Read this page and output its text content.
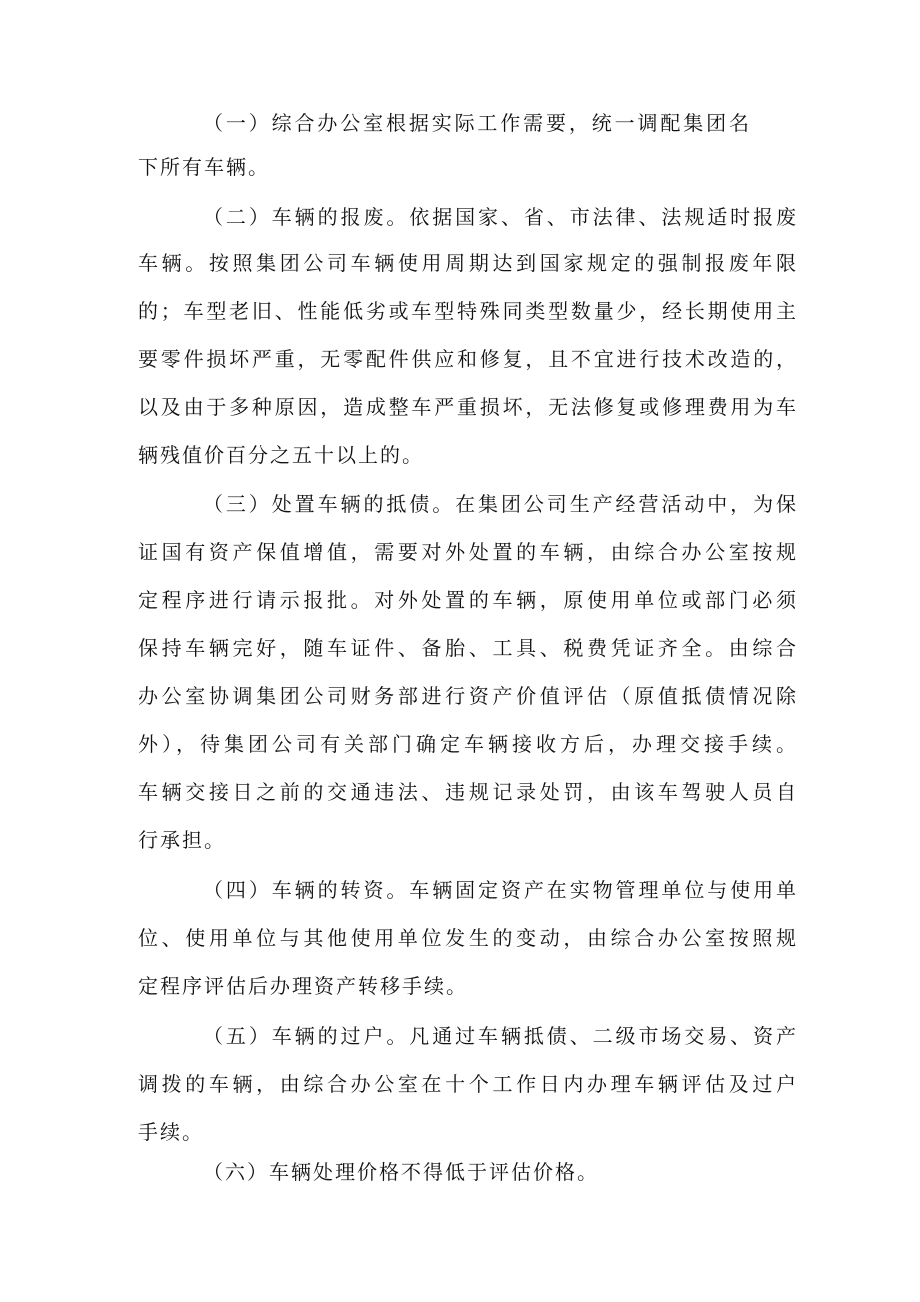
（一）综合办公室根据实际工作需要，统一调配集团名
下所有车辆。
（二）车辆的报废。依据国家、省、市法律、法规适时报废
车辆。按照集团公司车辆使用周期达到国家规定的强制报废年限
的；车型老旧、性能低劣或车型特殊同类型数量少，经长期使用主
要零件损坏严重，无零配件供应和修复，且不宜进行技术改造的，
以及由于多种原因，造成整车严重损坏，无法修复或修理费用为车
辆残值价百分之五十以上的。
（三）处置车辆的抵债。在集团公司生产经营活动中，为保
证国有资产保值增值，需要对外处置的车辆，由综合办公室按规
定程序进行请示报批。对外处置的车辆，原使用单位或部门必须
保持车辆完好，随车证件、备胎、工具、税费凭证齐全。由综合
办公室协调集团公司财务部进行资产价值评估（原值抵债情况除
外），待集团公司有关部门确定车辆接收方后，办理交接手续。
车辆交接日之前的交通违法、违规记录处罚，由该车驾驶人员自
行承担。
（四）车辆的转资。车辆固定资产在实物管理单位与使用单
位、使用单位与其他使用单位发生的变动，由综合办公室按照规
定程序评估后办理资产转移手续。
（五）车辆的过户。凡通过车辆抵债、二级市场交易、资产
调拨的车辆，由综合办公室在十个工作日内办理车辆评估及过户
手续。
（六）车辆处理价格不得低于评估价格。
